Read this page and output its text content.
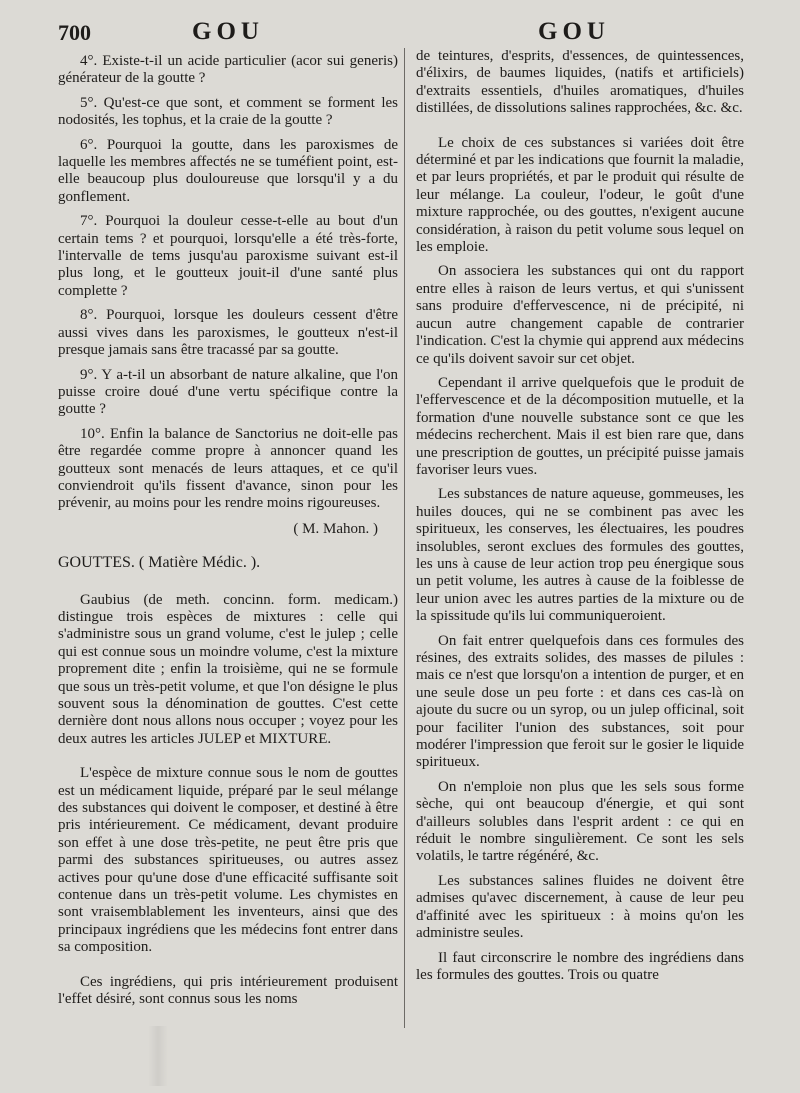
700	GOU	GOU

4°. Existe-t-il un acide particulier (acor sui generis) générateur de la goutte ?

5°. Qu'est-ce que sont, et comment se forment les nodosités, les tophus, et la craie de la goutte ?

6°. Pourquoi la goutte, dans les paroxismes de laquelle les membres affectés ne se tuméfient point, est-elle beaucoup plus douloureuse que lorsqu'il y a du gonflement.

7°. Pourquoi la douleur cesse-t-elle au bout d'un certain tems ? et pourquoi, lorsqu'elle a été très-forte, l'intervalle de tems jusqu'au paroxisme suivant est-il plus long, et le goutteux jouit-il d'une santé plus complette ?

8°. Pourquoi, lorsque les douleurs cessent d'être aussi vives dans les paroxismes, le goutteux n'est-il presque jamais sans être tracassé par sa goutte.

9°. Y a-t-il un absorbant de nature alkaline, que l'on puisse croire doué d'une vertu spécifique contre la goutte ?

10°. Enfin la balance de Sanctorius ne doit-elle pas être regardée comme propre à annoncer quand les goutteux sont menacés de leurs attaques, et ce qu'il conviendroit qu'ils fissent d'avance, sinon pour les prévenir, au moins pour les rendre moins rigoureuses.

( M. Mahon. )

GOUTTES. ( Matière Médic. ).

Gaubius (de meth. concinn. form. medicam.) distingue trois espèces de mixtures : celle qui s'administre sous un grand volume, c'est le julep ; celle qui est connue sous un moindre volume, c'est la mixture proprement dite ; enfin la troisième, qui ne se formule que sous un très-petit volume, et que l'on désigne le plus souvent sous la dénomination de gouttes. C'est cette dernière dont nous allons nous occuper ; voyez pour les deux autres les articles JULEP et MIXTURE.

L'espèce de mixture connue sous le nom de gouttes est un médicament liquide, préparé par le seul mélange des substances qui doivent le composer, et destiné à être pris intérieurement. Ce médicament, devant produire son effet à une dose très-petite, ne peut être pris que parmi des substances spiritueuses, ou autres assez actives pour qu'une dose d'une efficacité suffisante soit contenue dans un très-petit volume. Les chymistes en sont vraisemblablement les inventeurs, ainsi que des principaux ingrédiens que les médecins font entrer dans sa composition.

Ces ingrédiens, qui pris intérieurement produisent l'effet désiré, sont connus sous les noms

de teintures, d'esprits, d'essences, de quintessences, d'élixirs, de baumes liquides, (natifs et artificiels) d'extraits essentiels, d'huiles aromatiques, d'huiles distillées, de dissolutions salines rapprochées, &c. &c.

Le choix de ces substances si variées doit être déterminé et par les indications que fournit la maladie, et par leurs propriétés, et par le produit qui résulte de leur mélange. La couleur, l'odeur, le goût d'une mixture rapprochée, ou des gouttes, n'exigent aucune considération, à raison du petit volume sous lequel on les emploie.

On associera les substances qui ont du rapport entre elles à raison de leurs vertus, et qui s'unissent sans produire d'effervescence, ni de précipité, ni aucun autre changement capable de contrarier l'indication. C'est la chymie qui apprend aux médecins ce qu'ils doivent savoir sur cet objet.

Cependant il arrive quelquefois que le produit de l'effervescence et de la décomposition mutuelle, et la formation d'une nouvelle substance sont ce que les médecins recherchent. Mais il est bien rare que, dans une prescription de gouttes, un précipité puisse jamais favoriser leurs vues.

Les substances de nature aqueuse, gommeuses, les huiles douces, qui ne se combinent pas avec les spiritueux, les conserves, les électuaires, les poudres insolubles, seront exclues des formules des gouttes, les uns à cause de leur action trop peu énergique sous un petit volume, les autres à cause de la foiblesse de leur union avec les autres parties de la mixture ou de la spissitude qu'ils lui communiqueroient.

On fait entrer quelquefois dans ces formules des résines, des extraits solides, des masses de pilules : mais ce n'est que lorsqu'on a intention de purger, et en une seule dose un peu forte : et dans ces cas-là on ajoute du sucre ou un syrop, ou un julep officinal, soit pour faciliter l'union des substances, soit pour modérer l'impression que feroit sur le gosier le liquide spiritueux.

On n'emploie non plus que les sels sous forme sèche, qui ont beaucoup d'énergie, et qui sont d'ailleurs solubles dans l'esprit ardent : ce qui en réduit le nombre singulièrement. Ce sont les sels volatils, le tartre régénéré, &c.

Les substances salines fluides ne doivent être admises qu'avec discernement, à cause de leur peu d'affinité avec les spiritueux : à moins qu'on les administre seules.

Il faut circonscrire le nombre des ingrédiens dans les formules des gouttes. Trois ou quatre
